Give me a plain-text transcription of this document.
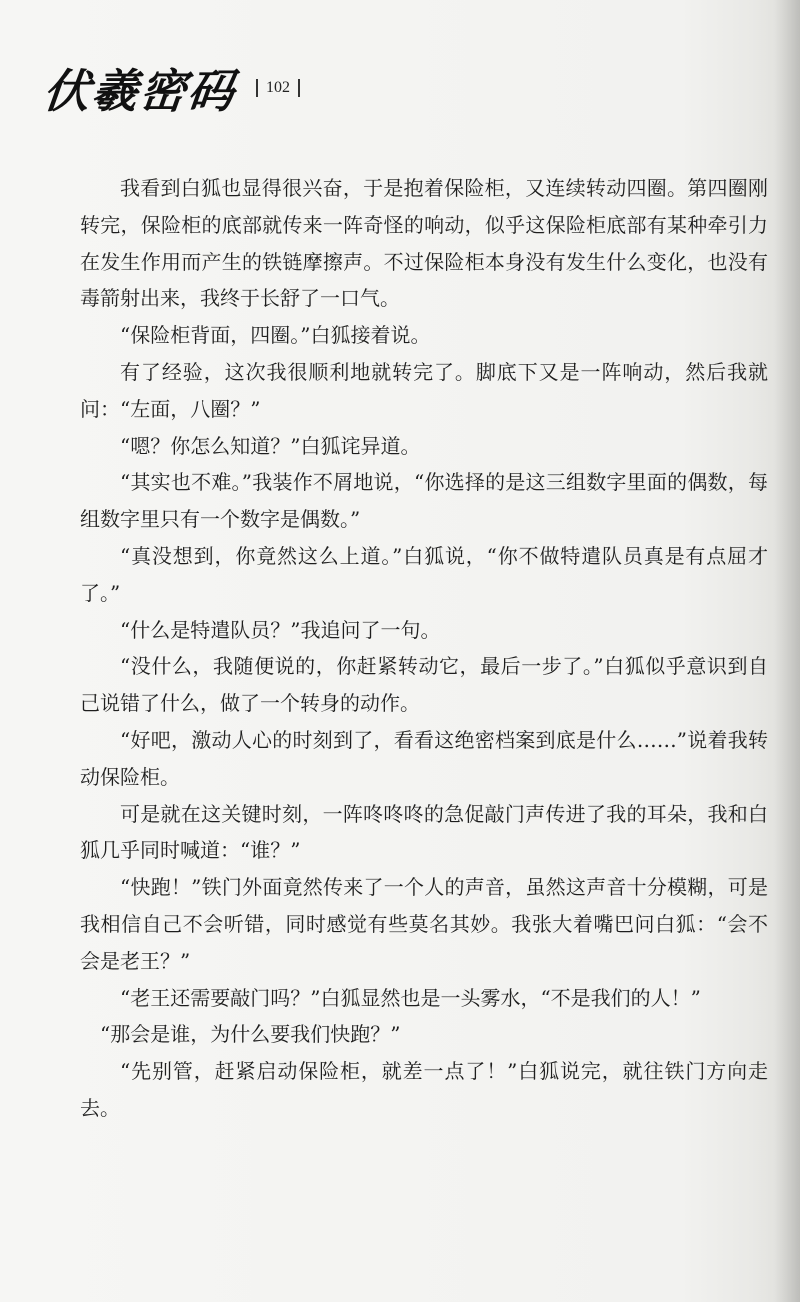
伏羲密码 102

我看到白狐也显得很兴奋，于是抱着保险柜，又连续转动四圈。第四圈刚转完，保险柜的底部就传来一阵奇怪的响动，似乎这保险柜底部有某种牵引力在发生作用而产生的铁链摩擦声。不过保险柜本身没有发生什么变化，也没有毒箭射出来，我终于长舒了一口气。

“保险柜背面，四圈。”白狐接着说。

有了经验，这次我很顺利地就转完了。脚底下又是一阵响动，然后我就问：“左面，八圈？”

“嗯？你怎么知道？”白狐诧异道。

“其实也不难。”我装作不屑地说，“你选择的是这三组数字里面的偶数，每组数字里只有一个数字是偶数。”

“真没想到，你竟然这么上道。”白狐说，“你不做特遣队员真是有点屈才了。”

“什么是特遣队员？”我追问了一句。

“没什么，我随便说的，你赶紧转动它，最后一步了。”白狐似乎意识到自己说错了什么，做了一个转身的动作。

“好吧，激动人心的时刻到了，看看这绝密档案到底是什么……”说着我转动保险柜。

可是就在这关键时刻，一阵咚咚咚的急促敲门声传进了我的耳朵，我和白狐几乎同时喊道：“谁？”

“快跑！”铁门外面竟然传来了一个人的声音，虽然这声音十分模糊，可是我相信自己不会听错，同时感觉有些莫名其妙。我张大着嘴巴问白狐：“会不会是老王？”

“老王还需要敲门吗？”白狐显然也是一头雾水，“不是我们的人！”

“那会是谁，为什么要我们快跑？”

“先别管，赶紧启动保险柜，就差一点了！”白狐说完，就往铁门方向走去。
